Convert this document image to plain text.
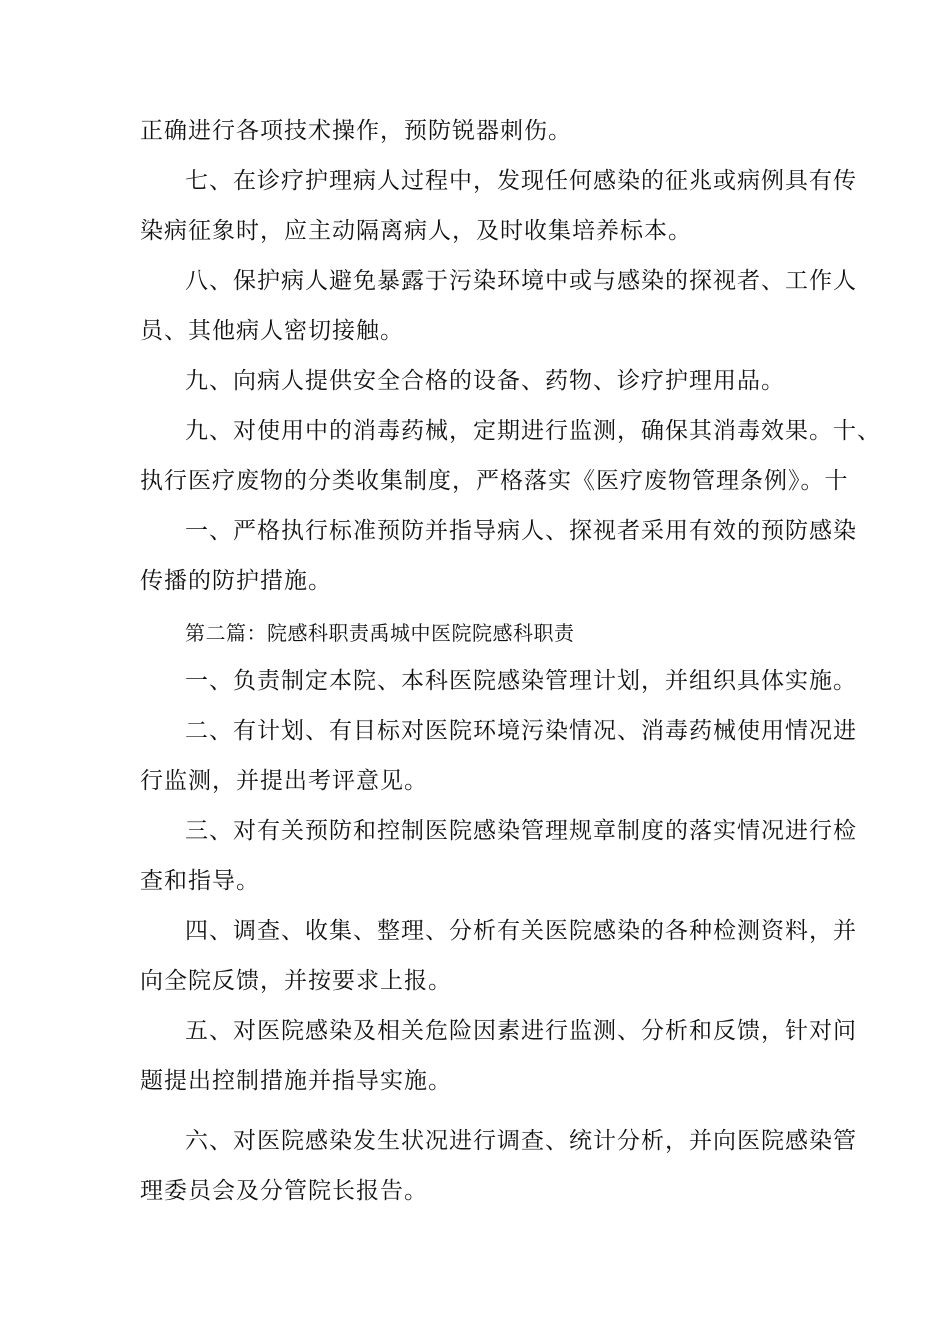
正确进行各项技术操作，预防锐器刺伤。
七、在诊疗护理病人过程中，发现任何感染的征兆或病例具有传
染病征象时，应主动隔离病人，及时收集培养标本。
八、保护病人避免暴露于污染环境中或与感染的探视者、工作人
员、其他病人密切接触。
九、向病人提供安全合格的设备、药物、诊疗护理用品。
九、对使用中的消毒药械，定期进行监测，确保其消毒效果。十、
执行医疗废物的分类收集制度，严格落实《医疗废物管理条例》。十
一、严格执行标准预防并指导病人、探视者采用有效的预防感染
传播的防护措施。
第二篇：院感科职责禹城中医院院感科职责
一、负责制定本院、本科医院感染管理计划，并组织具体实施。
二、有计划、有目标对医院环境污染情况、消毒药械使用情况进
行监测，并提出考评意见。
三、对有关预防和控制医院感染管理规章制度的落实情况进行检
查和指导。
四、调查、收集、整理、分析有关医院感染的各种检测资料，并
向全院反馈，并按要求上报。
五、对医院感染及相关危险因素进行监测、分析和反馈，针对问
题提出控制措施并指导实施。
六、对医院感染发生状况进行调查、统计分析，并向医院感染管
理委员会及分管院长报告。
